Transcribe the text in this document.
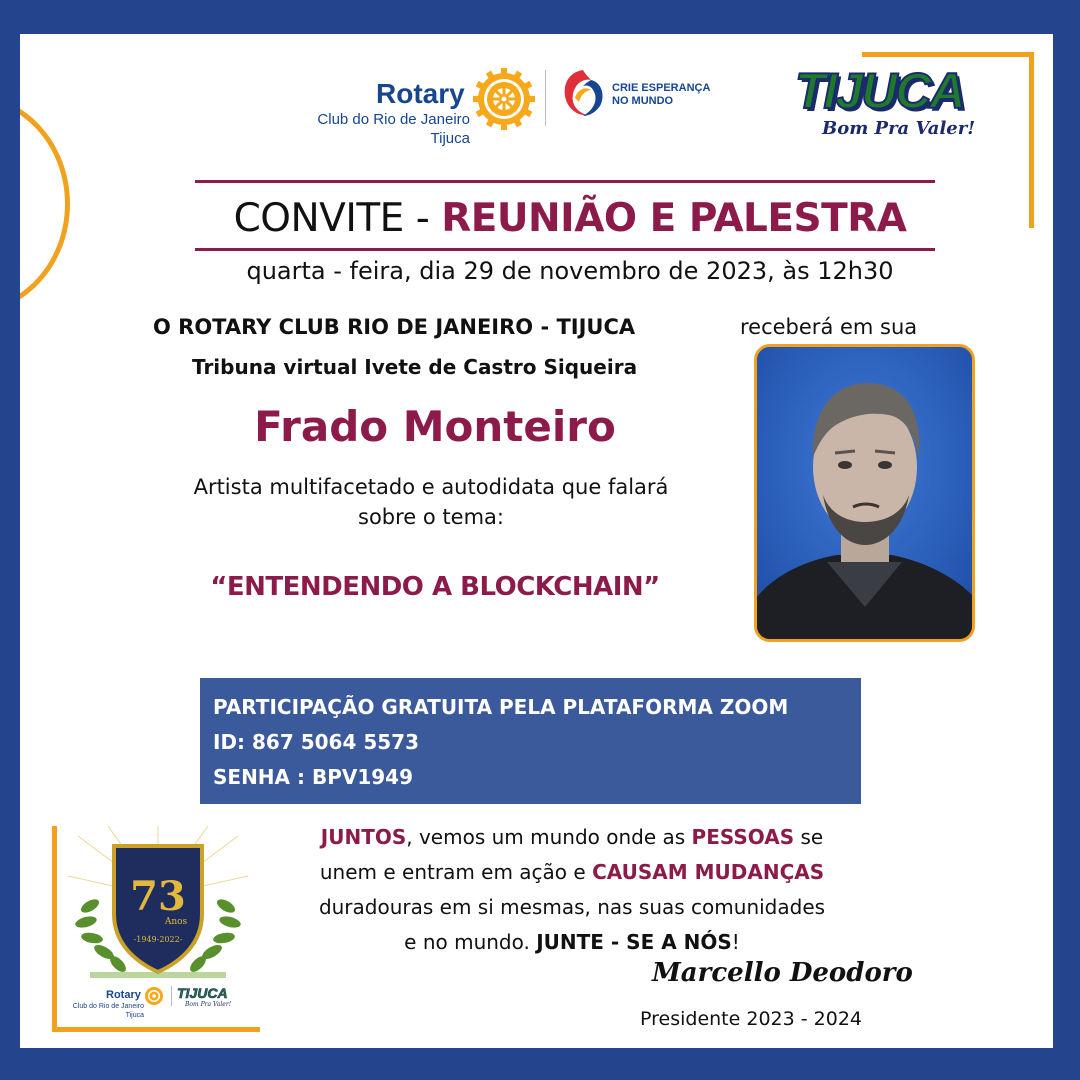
Rotary
Club do Rio de Janeiro
Tijuca
CRIE ESPERANÇA
NO MUNDO	TIJUCA
Bom Pra Valer!
CONVITE - REUNIÃO E PALESTRA
quarta - feira, dia 29 de novembro de 2023, às 12h30
O ROTARY CLUB RIO DE JANEIRO - TIJUCA	receberá em sua
Tribuna virtual Ivete de Castro Siqueira
Frado Monteiro
Artista multifacetado e autodidata que falará
sobre o tema:
“ENTENDENDO A BLOCKCHAIN”
PARTICIPAÇÃO GRATUITA PELA PLATAFORMA ZOOM
ID: 867 5064 5573
SENHA : BPV1949
JUNTOS, vemos um mundo onde as PESSOAS se
unem e entram em ação e CAUSAM MUDANÇAS
duradouras em si mesmas, nas suas comunidades
e no mundo. JUNTE - SE A NÓS!
Marcello Deodoro
Presidente 2023 - 2024
73
Anos
-1949-2022-
Rotary
Club do Rio de Janeiro
Tijuca
TIJUCA
Bom Pra Valer!
